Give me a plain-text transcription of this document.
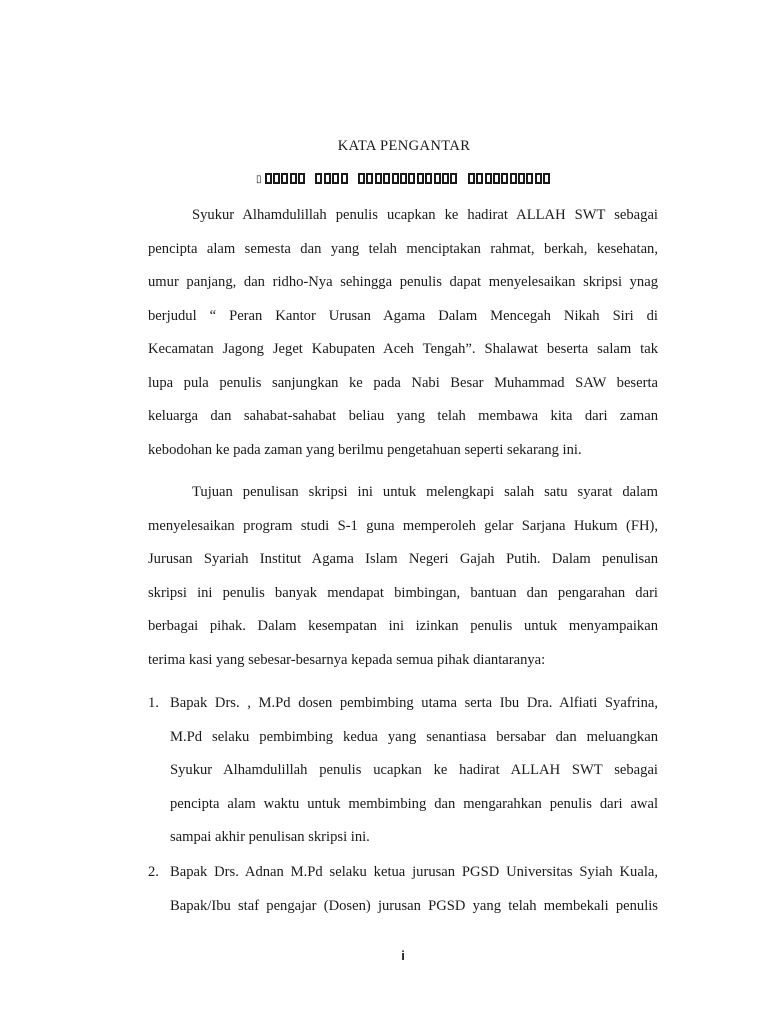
KATA PENGANTAR
▯
Syukur Alhamdulillah penulis ucapkan ke hadirat ALLAH SWT sebagai
pencipta alam semesta dan yang telah menciptakan rahmat, berkah, kesehatan,
umur panjang, dan ridho-Nya sehingga penulis dapat menyelesaikan skripsi ynag
berjudul “ Peran Kantor Urusan Agama Dalam Mencegah Nikah Siri di
Kecamatan Jagong Jeget Kabupaten Aceh Tengah”. Shalawat beserta salam tak
lupa pula penulis sanjungkan ke pada Nabi Besar Muhammad SAW beserta
keluarga dan sahabat-sahabat beliau yang telah membawa kita dari zaman
kebodohan ke pada zaman yang berilmu pengetahuan seperti sekarang ini.
Tujuan penulisan skripsi ini untuk melengkapi salah satu syarat dalam
menyelesaikan program studi S-1 guna memperoleh gelar Sarjana Hukum (FH),
Jurusan Syariah Institut Agama Islam Negeri Gajah Putih. Dalam penulisan
skripsi ini penulis banyak mendapat bimbingan, bantuan dan pengarahan dari
berbagai pihak. Dalam kesempatan ini izinkan penulis untuk menyampaikan
terima kasi yang sebesar-besarnya kepada semua pihak diantaranya:
1. Bapak Drs. , M.Pd dosen pembimbing utama serta Ibu Dra. Alfiati Syafrina,
M.Pd selaku pembimbing kedua yang senantiasa bersabar dan meluangkan
Syukur Alhamdulillah penulis ucapkan ke hadirat ALLAH SWT sebagai
pencipta alam waktu untuk membimbing dan mengarahkan penulis dari awal
sampai akhir penulisan skripsi ini.
2. Bapak Drs. Adnan M.Pd selaku ketua jurusan PGSD Universitas Syiah Kuala,
Bapak/Ibu staf pengajar (Dosen) jurusan PGSD yang telah membekali penulis
i
